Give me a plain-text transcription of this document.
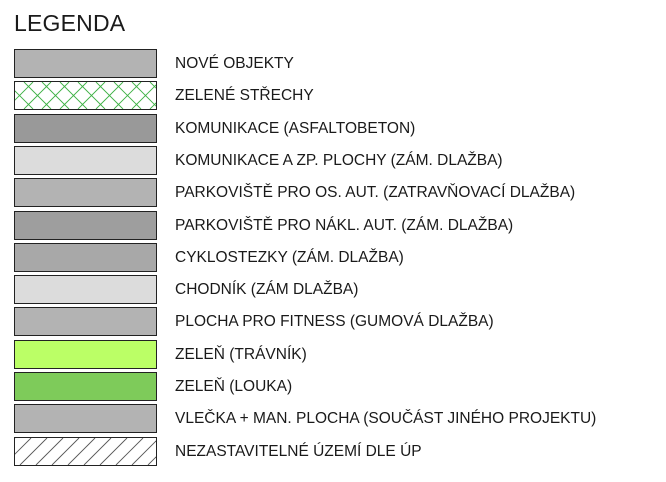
LEGENDA
NOVÉ OBJEKTY
ZELENÉ STŘECHY
KOMUNIKACE (ASFALTOBETON)
KOMUNIKACE A ZP. PLOCHY (ZÁM. DLAŽBA)
PARKOVIŠTĚ PRO OS. AUT. (ZATRAVŇOVACÍ DLAŽBA)
PARKOVIŠTĚ PRO NÁKL. AUT. (ZÁM. DLAŽBA)
CYKLOSTEZKY (ZÁM. DLAŽBA)
CHODNÍK (ZÁM DLAŽBA)
PLOCHA PRO FITNESS (GUMOVÁ DLAŽBA)
ZELEŇ (TRÁVNÍK)
ZELEŇ (LOUKA)
VLEČKA + MAN. PLOCHA (SOUČÁST JINÉHO PROJEKTU)
NEZASTAVITELNÉ ÚZEMÍ DLE ÚP
